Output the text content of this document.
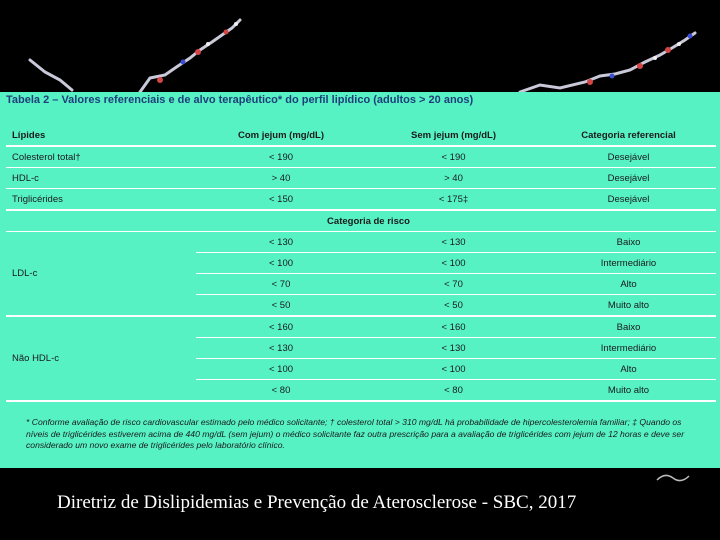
Tabela 2 – Valores referenciais e de alvo terapêutico* do perfil lipídico (adultos > 20 anos)
Lípides	Com jejum (mg/dL)	Sem jejum (mg/dL)	Categoria referencial
Colesterol total†	< 190	< 190	Desejável
HDL-c	> 40	> 40	Desejável
Triglicérides	< 150	< 175‡	Desejável
	Categoria de risco		
LDL-c	< 130	< 130	Baixo
	< 100	< 100	Intermediário
	< 70	< 70	Alto
	< 50	< 50	Muito alto
Não HDL-c	< 160	< 160	Baixo
	< 130	< 130	Intermediário
	< 100	< 100	Alto
	< 80	< 80	Muito alto
* Conforme avaliação de risco cardiovascular estimado pelo médico solicitante; † colesterol total > 310 mg/dL há probabilidade de hipercolesterolemia familiar; ‡ Quando os níveis de triglicérides estiverem acima de 440 mg/dL (sem jejum) o médico solicitante faz outra prescrição para a avaliação de triglicérides com jejum de 12 horas e deve ser considerado um novo exame de triglicérides pelo laboratório clínico.
Diretriz de Dislipidemias e Prevenção de Aterosclerose - SBC, 2017
